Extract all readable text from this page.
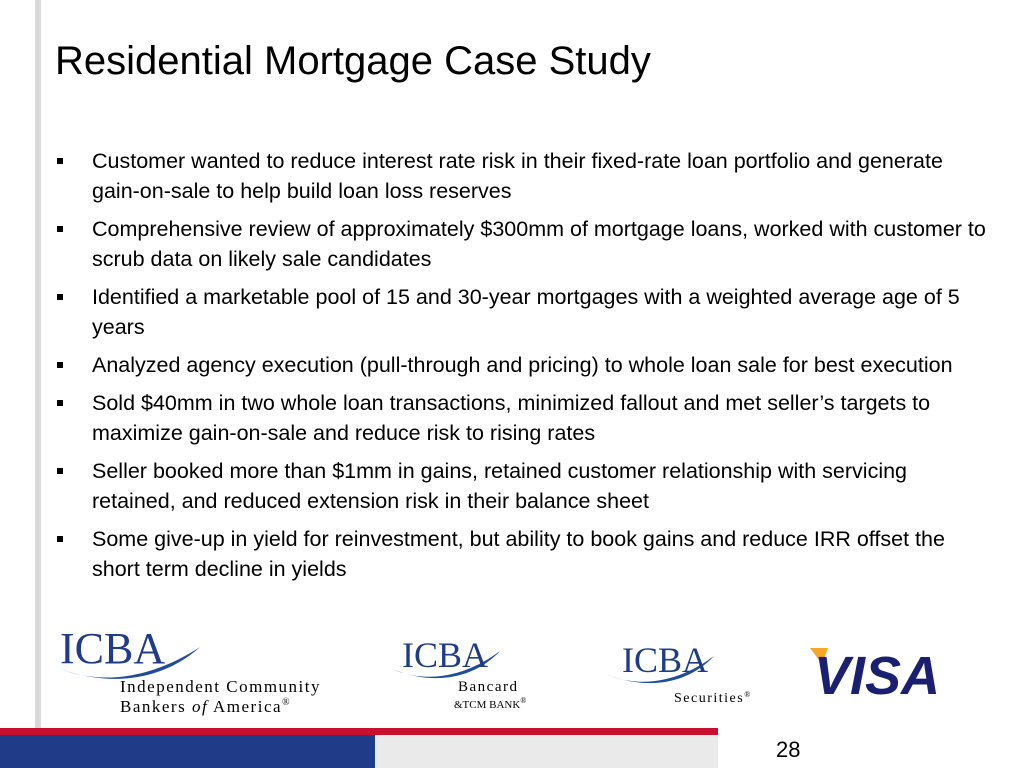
Residential Mortgage Case Study
Customer wanted to reduce interest rate risk in their fixed-rate loan portfolio and generate gain-on-sale to help build loan loss reserves
Comprehensive review of approximately $300mm of mortgage loans, worked with customer to scrub data on likely sale candidates
Identified a marketable pool of 15 and 30-year mortgages with a weighted average age of 5 years
Analyzed agency execution (pull-through and pricing) to whole loan sale for best execution
Sold $40mm in two whole loan transactions, minimized fallout and met seller’s targets to maximize gain-on-sale and reduce risk to rising rates
Seller booked more than $1mm in gains, retained customer relationship with servicing retained, and reduced extension risk in their balance sheet
Some give-up in yield for reinvestment, but ability to book gains and reduce IRR offset the short term decline in yields
ICBA
Independent Community
Bankers of America®
ICBA
Bancard
&TCM BANK®
ICBA
Securities® VISA
28
